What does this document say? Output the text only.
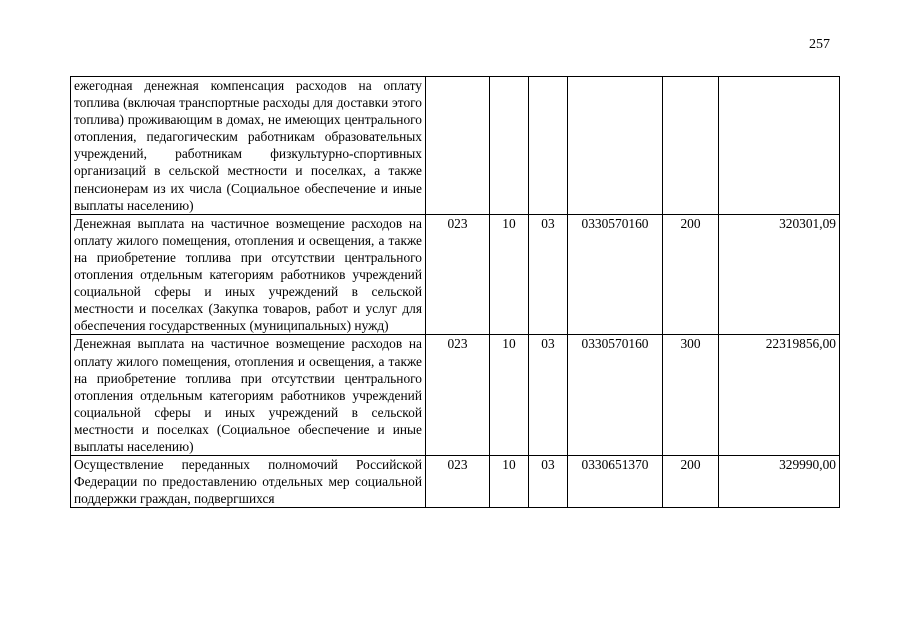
257
ежегодная денежная компенсация расходов на оплату топлива (включая транспортные расходы для доставки этого топлива) проживающим в домах, не имеющих центрального отопления, педагогическим работникам образовательных учреждений, работникам физкультурно-спортивных организаций в сельской местности и поселках, а также пенсионерам из их числа (Социальное обеспечение и иные выплаты населению)						
Денежная выплата на частичное возмещение расходов на оплату жилого помещения, отопления и освещения, а также на приобретение топлива при отсутствии центрального отопления отдельным категориям работников учреждений социальной сферы и иных учреждений в сельской местности и поселках (Закупка товаров, работ и услуг для обеспечения государственных (муниципальных) нужд)	023	10	03	0330570160	200	320301,09
Денежная выплата на частичное возмещение расходов на оплату жилого помещения, отопления и освещения, а также на приобретение топлива при отсутствии центрального отопления отдельным категориям работников учреждений социальной сферы и иных учреждений в сельской местности и поселках (Социальное обеспечение и иные выплаты населению)	023	10	03	0330570160	300	22319856,00
Осуществление переданных полномочий Российской Федерации по предоставлению отдельных мер социальной поддержки граждан, подвергшихся	023	10	03	0330651370	200	329990,00
